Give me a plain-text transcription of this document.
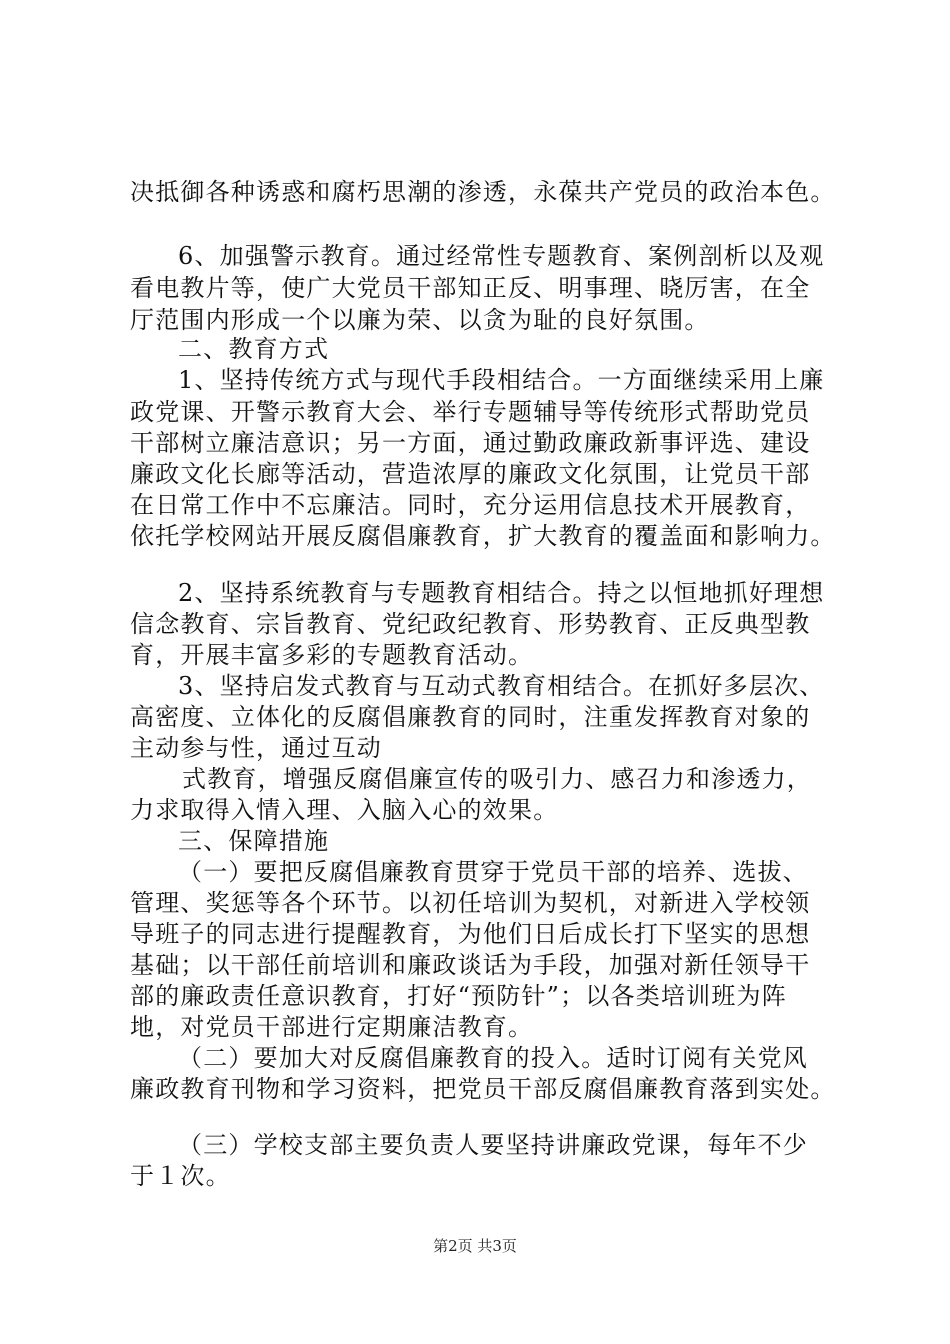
决抵御各种诱惑和腐朽思潮的渗透，永葆共产党员的政治本色。
6、加强警示教育。通过经常性专题教育、案例剖析以及观
看电教片等，使广大党员干部知正反、明事理、晓厉害，在全
厅范围内形成一个以廉为荣、以贪为耻的良好氛围。
二、教育方式
1、坚持传统方式与现代手段相结合。一方面继续采用上廉
政党课、开警示教育大会、举行专题辅导等传统形式帮助党员
干部树立廉洁意识；另一方面，通过勤政廉政新事评选、建设
廉政文化长廊等活动，营造浓厚的廉政文化氛围，让党员干部
在日常工作中不忘廉洁。同时，充分运用信息技术开展教育，
依托学校网站开展反腐倡廉教育，扩大教育的覆盖面和影响力。
2、坚持系统教育与专题教育相结合。持之以恒地抓好理想
信念教育、宗旨教育、党纪政纪教育、形势教育、正反典型教
育，开展丰富多彩的专题教育活动。
3、坚持启发式教育与互动式教育相结合。在抓好多层次、
高密度、立体化的反腐倡廉教育的同时，注重发挥教育对象的
主动参与性，通过互动
式教育，增强反腐倡廉宣传的吸引力、感召力和渗透力，
力求取得入情入理、入脑入心的效果。
三、保障措施
（一）要把反腐倡廉教育贯穿于党员干部的培养、选拔、
管理、奖惩等各个环节。以初任培训为契机，对新进入学校领
导班子的同志进行提醒教育，为他们日后成长打下坚实的思想
基础；以干部任前培训和廉政谈话为手段，加强对新任领导干
部的廉政责任意识教育，打好“预防针”；以各类培训班为阵
地，对党员干部进行定期廉洁教育。
（二）要加大对反腐倡廉教育的投入。适时订阅有关党风
廉政教育刊物和学习资料，把党员干部反腐倡廉教育落到实处。
（三）学校支部主要负责人要坚持讲廉政党课，每年不少
于１次。
第2页 共3页
